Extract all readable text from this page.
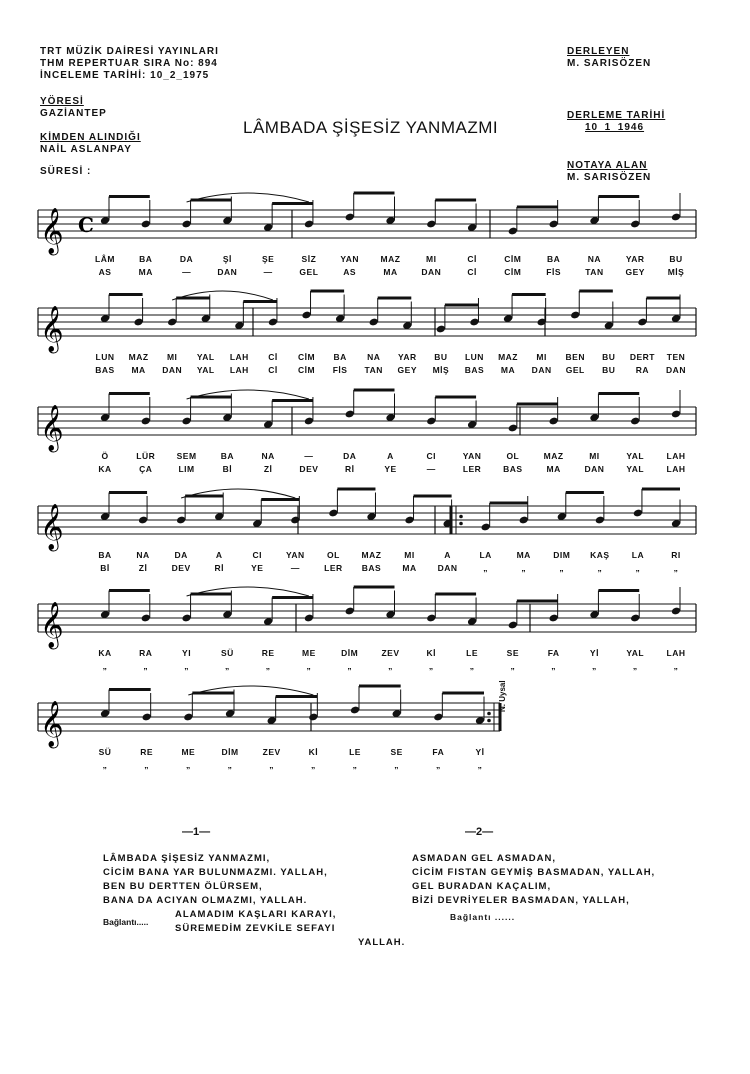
TRT MÜZİK DAİRESİ YAYINLARI
THM REPERTUAR SIRA No: 894
İNCELEME TARİHİ: 10_2_1975
YÖRESİ
GAZİANTEP
KİMDEN ALINDIĞI
NAİL ASLANPAY
SÜRESİ :
DERLEYEN
M. SARISÖZEN
DERLEME TARİHİ
10_1_1946
NOTAYA ALAN
M. SARISÖZEN
LÂMBADA ŞİŞESİZ YANMAZMI
𝄞 C
𝄞
𝄞
𝄞
𝄞
𝄞
LÂM
AS
BA
MA
DA
—
Şİ
DAN
ŞE
—
SİZ
GEL
YAN
AS
MAZ
MA
MI
DAN
Cİ
Cİ
CİM
CİM
BA
FİS
NA
TAN
YAR
GEY
BU
MİŞ
LUN
BAS
MAZ
MA
MI
DAN
YAL
YAL
LAH
LAH
Cİ
Cİ
CİM
CİM
BA
FİS
NA
TAN
YAR
GEY
BU
MİŞ
LUN
BAS
MAZ
MA
MI
DAN
BEN
GEL
BU
BU
DERT
RA
TEN
DAN
Ö
KA
LÜR
ÇA
SEM
LIM
BA
Bİ
NA
Zİ
—
DEV
DA
Rİ
A
YE
CI
—
YAN
LER
OL
BAS
MAZ
MA
MI
DAN
YAL
YAL
LAH
LAH
BA
Bİ
NA
Zİ
DA
DEV
A
Rİ
CI
YE
YAN
—
OL
LER
MAZ
BAS
MI
MA
A
DAN
LA
„
MA
„
DIM
„
KAŞ
„
LA
„
RI
„
KA
„
RA
„
YI
„
SÜ
„
RE
„
ME
„
DİM
„
ZEV
„
Kİ
„
LE
„
SE
„
FA
„
Yİ
„
YAL
„
LAH
„
SÜ
„
RE
„
ME
„
DİM
„
ZEV
„
Kİ
„
LE
„
SE
„
FA
„
Yİ
„
N. Uysal
—1—	—2—
LÂMBADA ŞİŞESİZ YANMAZMI,
CİCİM BANA YAR BULUNMAZMI. YALLAH,
BEN BU DERTTEN ÖLÜRSEM,
BANA DA ACIYAN OLMAZMI, YALLAH.
Bağlantı.....
ALAMADIM KAŞLARI KARAYI,
SÜREMEDİM ZEVKİLE SEFAYI
YALLAH.
ASMADAN GEL ASMADAN,
CİCİM FISTAN GEYMİŞ BASMADAN, YALLAH,
GEL BURADAN KAÇALIM,
BİZİ DEVRİYELER BASMADAN, YALLAH,
Bağlantı ......
